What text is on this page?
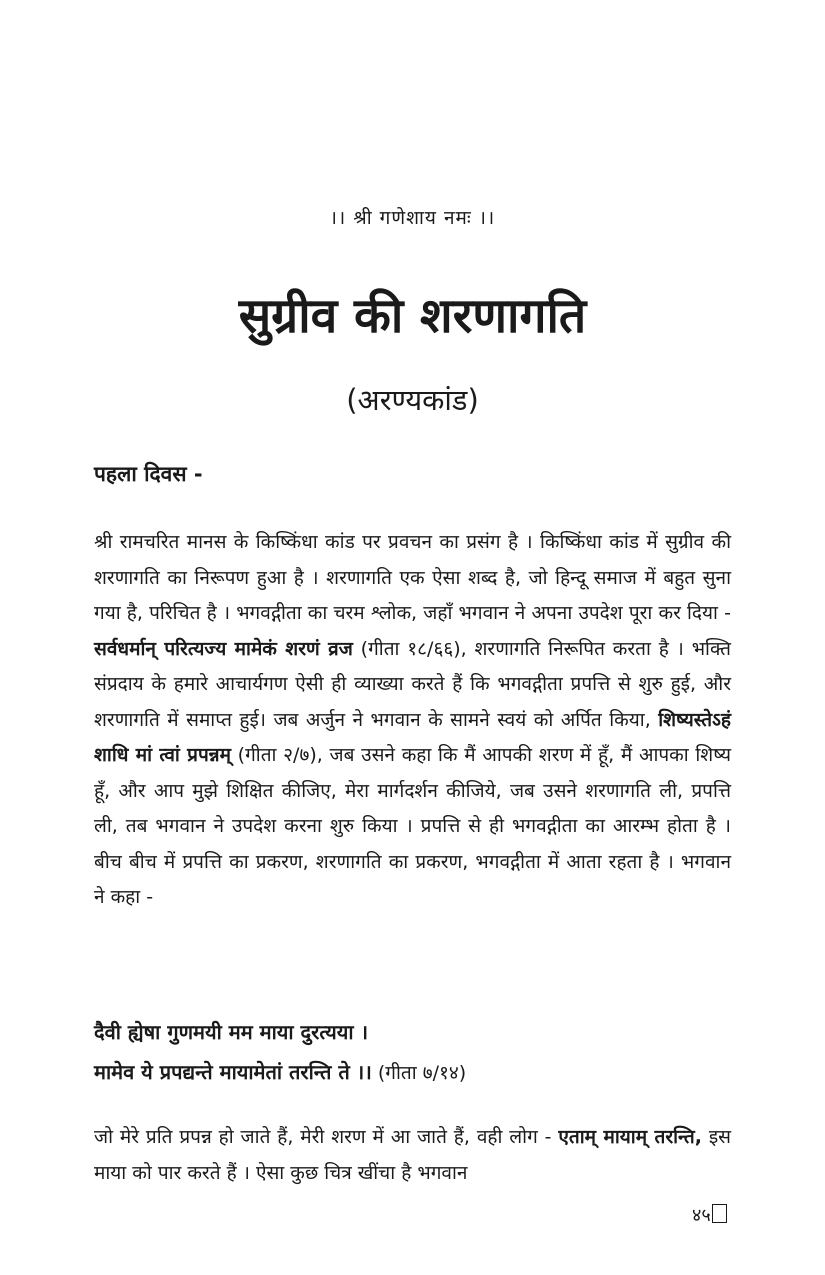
।। श्री गणेशाय नमः ।।
सुग्रीव की शरणागति
(अरण्यकांड)
पहला दिवस -

श्री रामचरित मानस के किष्किंधा कांड पर प्रवचन का प्रसंग है । किष्किंधा कांड में सुग्रीव की शरणागति का निरूपण हुआ है । शरणागति एक ऐसा शब्द है, जो हिन्दू समाज में बहुत सुना गया है, परिचित है । भगवद्गीता का चरम श्लोक, जहाँ भगवान ने अपना उपदेश पूरा कर दिया - सर्वधर्मान् परित्यज्य मामेकं शरणं व्रज (गीता १८/६६), शरणागति निरूपित करता है । भक्ति संप्रदाय के हमारे आचार्यगण ऐसी ही व्याख्या करते हैं कि भगवद्गीता प्रपत्ति से शुरु हुई, और शरणागति में समाप्त हुई। जब अर्जुन ने भगवान के सामने स्वयं को अर्पित किया, शिष्यस्तेऽहं शाधि मां त्वां प्रपन्नम् (गीता २/७), जब उसने कहा कि मैं आपकी शरण में हूँ, मैं आपका शिष्य हूँ, और आप मुझे शिक्षित कीजिए, मेरा मार्गदर्शन कीजिये, जब उसने शरणागति ली, प्रपत्ति ली, तब भगवान ने उपदेश करना शुरु किया । प्रपत्ति से ही भगवद्गीता का आरम्भ होता है । बीच बीच में प्रपत्ति का प्रकरण, शरणागति का प्रकरण, भगवद्गीता में आता रहता है । भगवान ने कहा -

दैवी ह्येषा गुणमयी मम माया दुरत्यया ।
मामेव ये प्रपद्यन्ते मायामेतां तरन्ति ते ।। (गीता ७/१४)

जो मेरे प्रति प्रपन्न हो जाते हैं, मेरी शरण में आ जाते हैं, वही लोग - एताम् मायाम् तरन्ति, इस माया को पार करते हैं । ऐसा कुछ चित्र खींचा है भगवान

४५
